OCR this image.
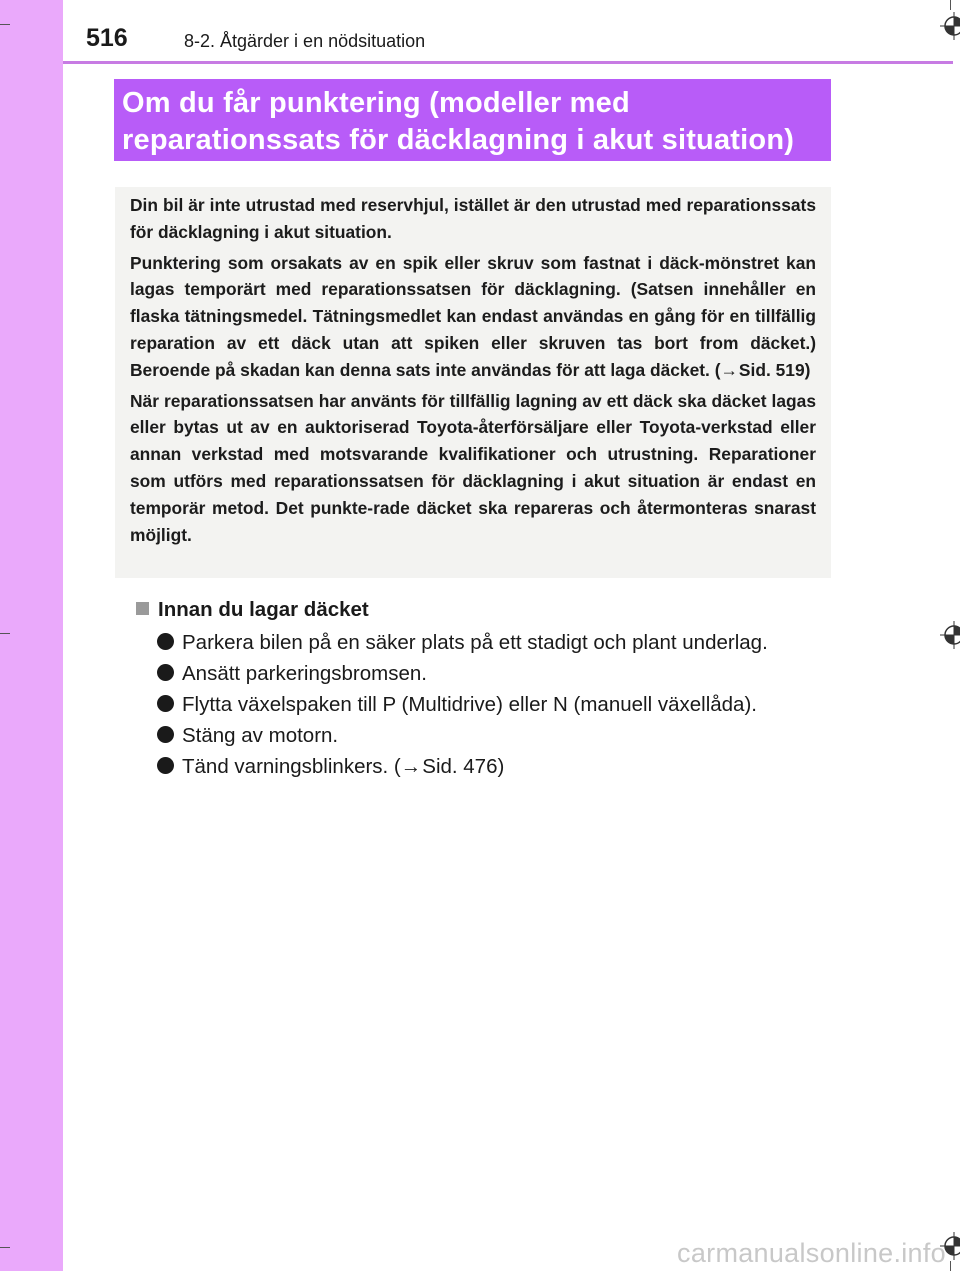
516	8-2. Åtgärder i en nödsituation
Om du får punktering (modeller med
reparationssats för däcklagning i akut situation)

Din bil är inte utrustad med reservhjul, istället är den utrustad med reparationssats för däcklagning i akut situation.

Punktering som orsakats av en spik eller skruv som fastnat i däck-mönstret kan lagas temporärt med reparationssatsen för däcklagning. (Satsen innehåller en flaska tätningsmedel. Tätningsmedlet kan endast användas en gång för en tillfällig reparation av ett däck utan att spiken eller skruven tas bort from däcket.) Beroende på skadan kan denna sats inte användas för att laga däcket. (→Sid. 519)

När reparationssatsen har använts för tillfällig lagning av ett däck ska däcket lagas eller bytas ut av en auktoriserad Toyota-återförsäljare eller Toyota-verkstad eller annan verkstad med motsvarande kvalifikationer och utrustning. Reparationer som utförs med reparationssatsen för däcklagning i akut situation är endast en temporär metod. Det punkte-rade däcket ska repareras och återmonteras snarast möjligt.

Innan du lagar däcket
Parkera bilen på en säker plats på ett stadigt och plant underlag.
Ansätt parkeringsbromsen.
Flytta växelspaken till P (Multidrive) eller N (manuell växellåda).
Stäng av motorn.
Tänd varningsblinkers. (→Sid. 476)
carmanualsonline.info
